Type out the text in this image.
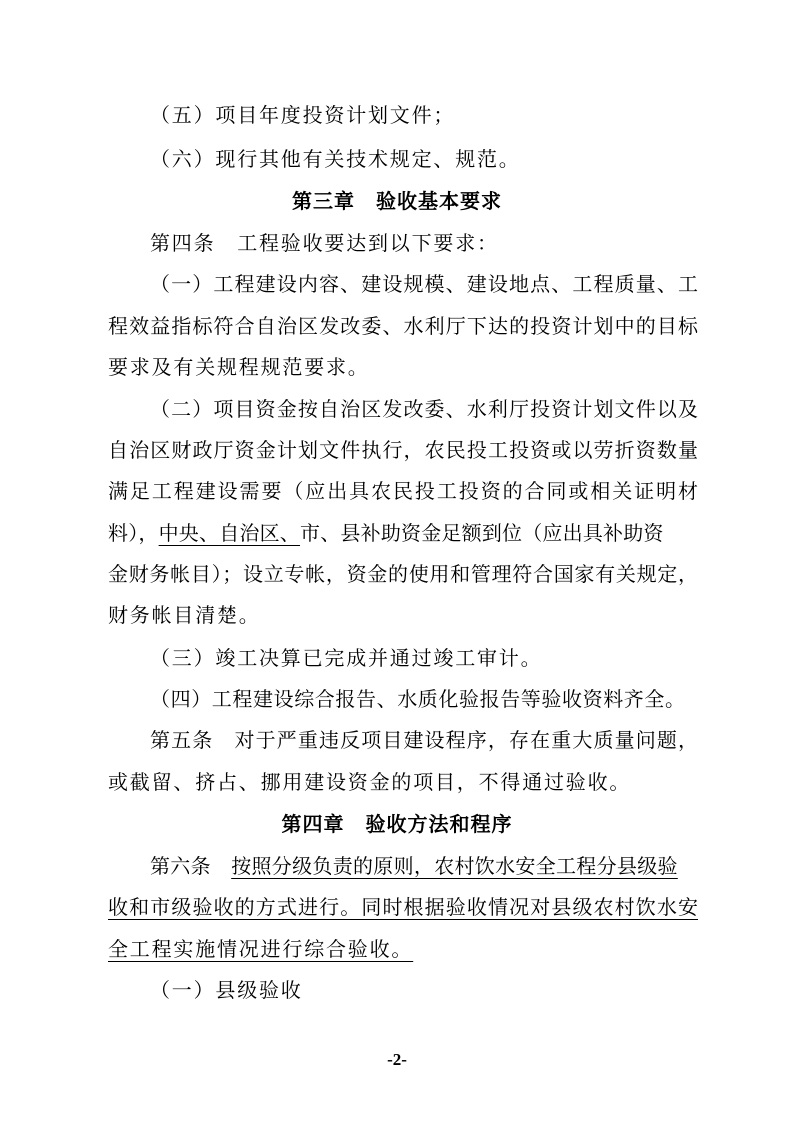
（五）项目年度投资计划文件；
（六）现行其他有关技术规定、规范。
第三章　验收基本要求
第四条　工程验收要达到以下要求：
（一）工程建设内容、建设规模、建设地点、工程质量、工
程效益指标符合自治区发改委、水利厅下达的投资计划中的目标
要求及有关规程规范要求。
（二）项目资金按自治区发改委、水利厅投资计划文件以及
自治区财政厅资金计划文件执行，农民投工投资或以劳折资数量
满足工程建设需要（应出具农民投工投资的合同或相关证明材
料），中央、自治区、市、县补助资金足额到位（应出具补助资
金财务帐目）；设立专帐，资金的使用和管理符合国家有关规定，
财务帐目清楚。
（三）竣工决算已完成并通过竣工审计。
（四）工程建设综合报告、水质化验报告等验收资料齐全。
第五条　对于严重违反项目建设程序，存在重大质量问题，
或截留、挤占、挪用建设资金的项目，不得通过验收。
第四章　验收方法和程序
第六条　按照分级负责的原则，农村饮水安全工程分县级验
收和市级验收的方式进行。同时根据验收情况对县级农村饮水安
全工程实施情况进行综合验收。
（一）县级验收
-2-
